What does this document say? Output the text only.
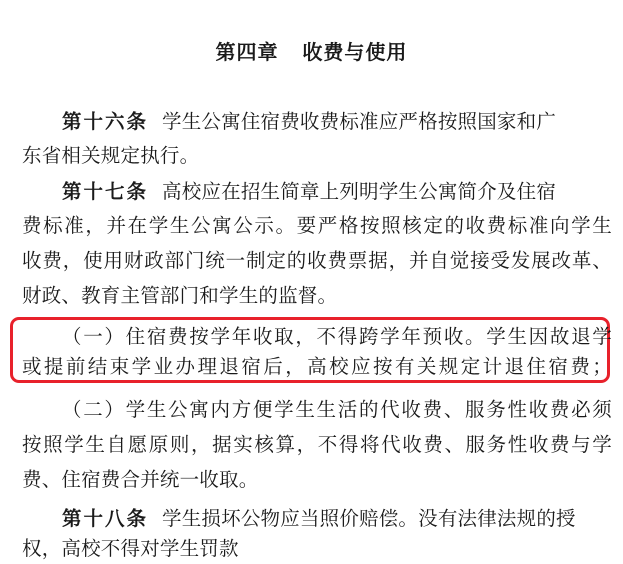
第四章   收费与使用
第十六条 学生公寓住宿费收费标准应严格按照国家和广
东省相关规定执行。
第十七条 高校应在招生简章上列明学生公寓简介及住宿
费标准，并在学生公寓公示。要严格按照核定的收费标准向学生
收费，使用财政部门统一制定的收费票据，并自觉接受发展改革、
财政、教育主管部门和学生的监督。
（一）住宿费按学年收取，不得跨学年预收。学生因故退学
或提前结束学业办理退宿后，高校应按有关规定计退住宿费；
（二）学生公寓内方便学生生活的代收费、服务性收费必须
按照学生自愿原则，据实核算，不得将代收费、服务性收费与学
费、住宿费合并统一收取。
第十八条 学生损坏公物应当照价赔偿。没有法律法规的授
权，高校不得对学生罚款
